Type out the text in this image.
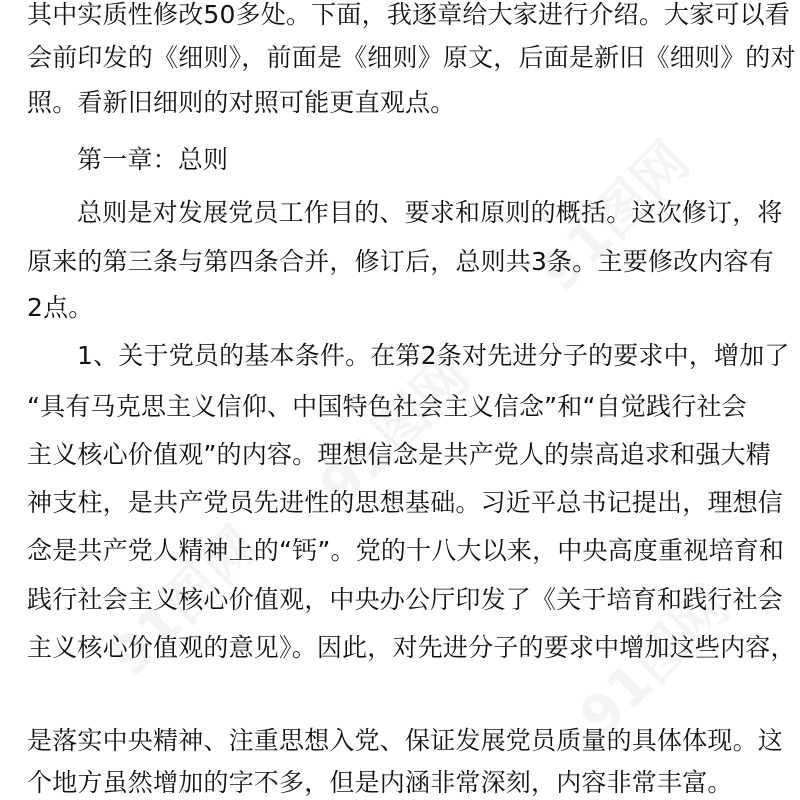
91图网
91图网
91图网
91图网
其中实质性修改50多处。下面，我逐章给大家进行介绍。大家可以看
会前印发的《细则》，前面是《细则》原文，后面是新旧《细则》的对
照。看新旧细则的对照可能更直观点。
第一章：总则
总则是对发展党员工作目的、要求和原则的概括。这次修订，将
原来的第三条与第四条合并，修订后，总则共3条。主要修改内容有
2点。
1、关于党员的基本条件。在第2条对先进分子的要求中，增加了
“具有马克思主义信仰、中国特色社会主义信念”和“自觉践行社会
主义核心价值观”的内容。理想信念是共产党人的崇高追求和强大精
神支柱，是共产党员先进性的思想基础。习近平总书记提出，理想信
念是共产党人精神上的“钙”。党的十八大以来，中央高度重视培育和
践行社会主义核心价值观，中央办公厅印发了《关于培育和践行社会
主义核心价值观的意见》。因此，对先进分子的要求中增加这些内容，
是落实中央精神、注重思想入党、保证发展党员质量的具体体现。这
个地方虽然增加的字不多，但是内涵非常深刻，内容非常丰富。
